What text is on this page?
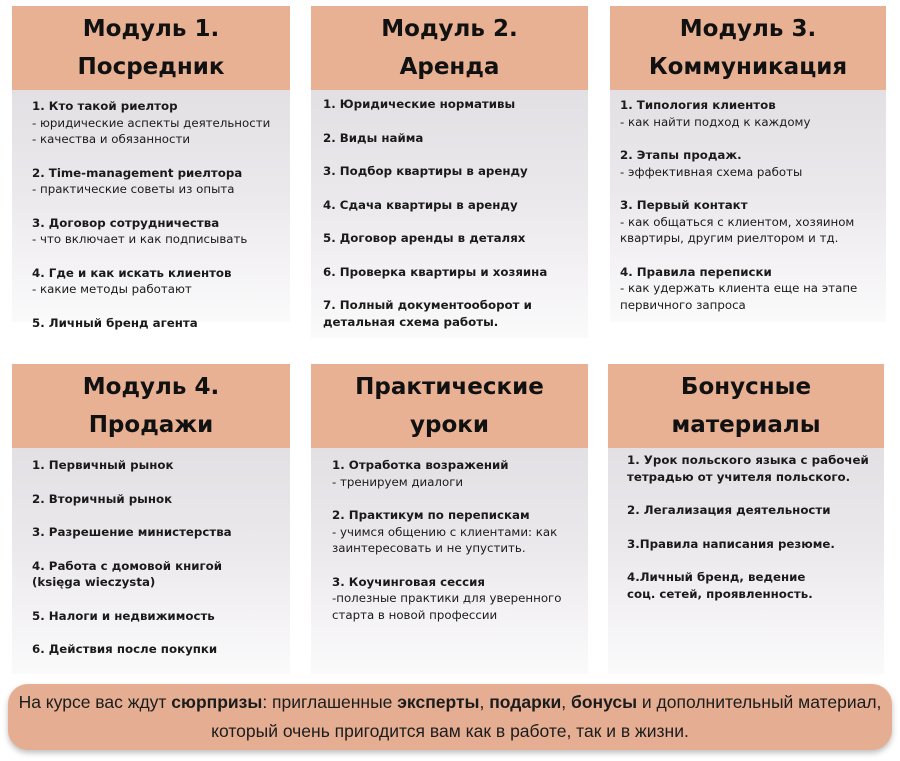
Модуль 1.
Посредник
1. Кто такой риелтор
- юридические аспекты деятельности
- качества и обязанности
2. Time-management риелтора
- практические советы из опыта
3. Договор сотрудничества
- что включает и как подписывать
4. Где и как искать клиентов
- какие методы работают
5. Личный бренд агента
Модуль 2.
Аренда
1. Юридические нормативы
2. Виды найма
3. Подбор квартиры в аренду
4. Сдача квартиры в аренду
5. Договор аренды в деталях
6. Проверка квартиры и хозяина
7. Полный документооборот и детальная схема работы.
Модуль 3.
Коммуникация
1. Типология клиентов
- как найти подход к каждому
2. Этапы продаж.
- эффективная схема работы
3. Первый контакт
- как общаться с клиентом, хозяином квартиры, другим риелтором и тд.
4. Правила переписки
- как удержать клиента еще на этапе первичного запроса
Модуль 4.
Продажи
1. Первичный рынок
2. Вторичный рынок
3. Разрешение министерства
4. Работа с домовой книгой (księga wieczysta)
5. Налоги и недвижимость
6. Действия после покупки
Практические
уроки
1. Отработка возражений
- тренируем диалоги
2. Практикум по перепискам
- учимся общению с клиентами: как заинтересовать и не упустить.
3. Коучинговая сессия
-полезные практики для уверенного старта в новой профессии
Бонусные
материалы
1. Урок польского языка с рабочей тетрадью от учителя польского.
2. Легализация деятельности
3.Правила написания резюме.
4.Личный бренд, ведение соц. сетей, проявленность.
На курсе вас ждут сюрпризы: приглашенные эксперты, подарки, бонусы и дополнительный материал, который очень пригодится вам как в работе, так и в жизни.
